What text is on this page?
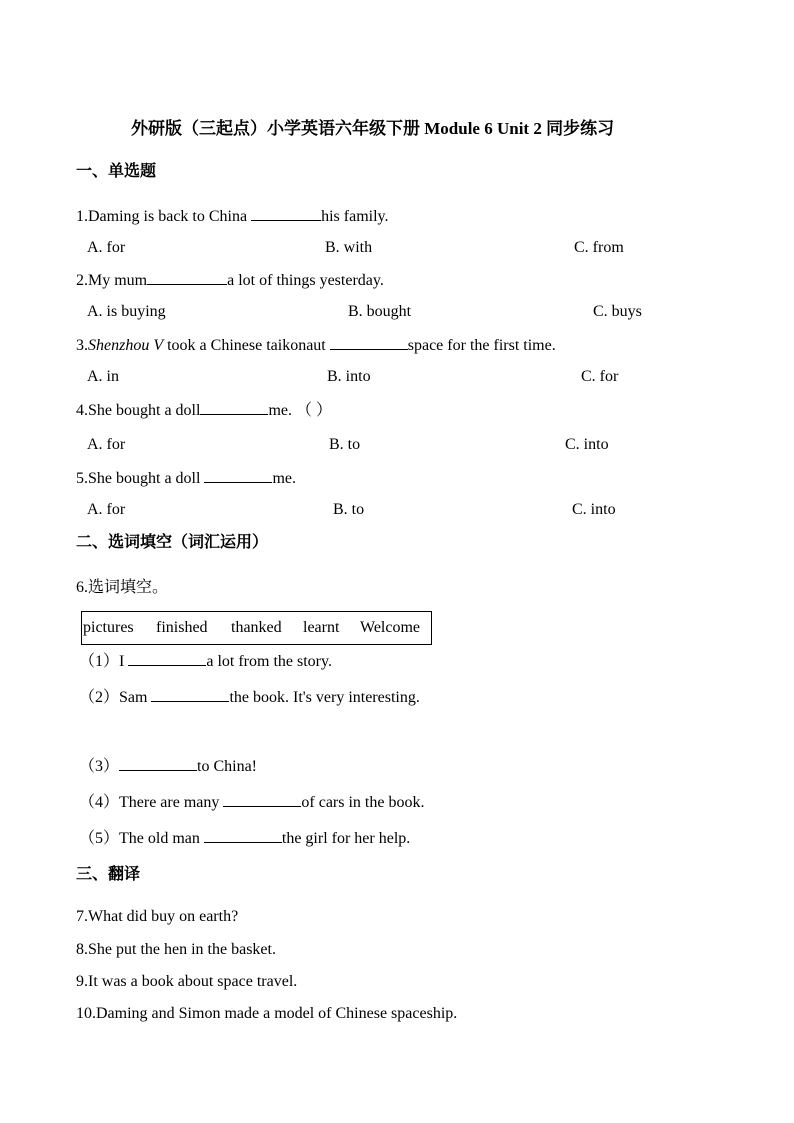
外研版（三起点）小学英语六年级下册 Module 6 Unit 2 同步练习
一、单选题
1.Daming is back to China	his family.
A. for	B. with	C. from
2.My mum	a lot of things yesterday.
A. is buying	B. bought	C. buys
3.Shenzhou V took a Chinese taikonaut	space for the first time.
A. in	B. into	C. for
4.She bought a doll	me. （ ）
A. for	B. to	C. into
5.She bought a doll	me.
A. for	B. to	C. into
二、选词填空（词汇运用）
6.选词填空。
pictures finished thanked learnt Welcome
（1）I	a lot from the story.
（2）Sam	the book. It's very interesting.
（3）	to China!
（4）There are many	of cars in the book.
（5）The old man	the girl for her help.
三、翻译
7.What did buy on earth?
8.She put the hen in the basket.
9.It was a book about space travel.
10.Daming and Simon made a model of Chinese spaceship.
